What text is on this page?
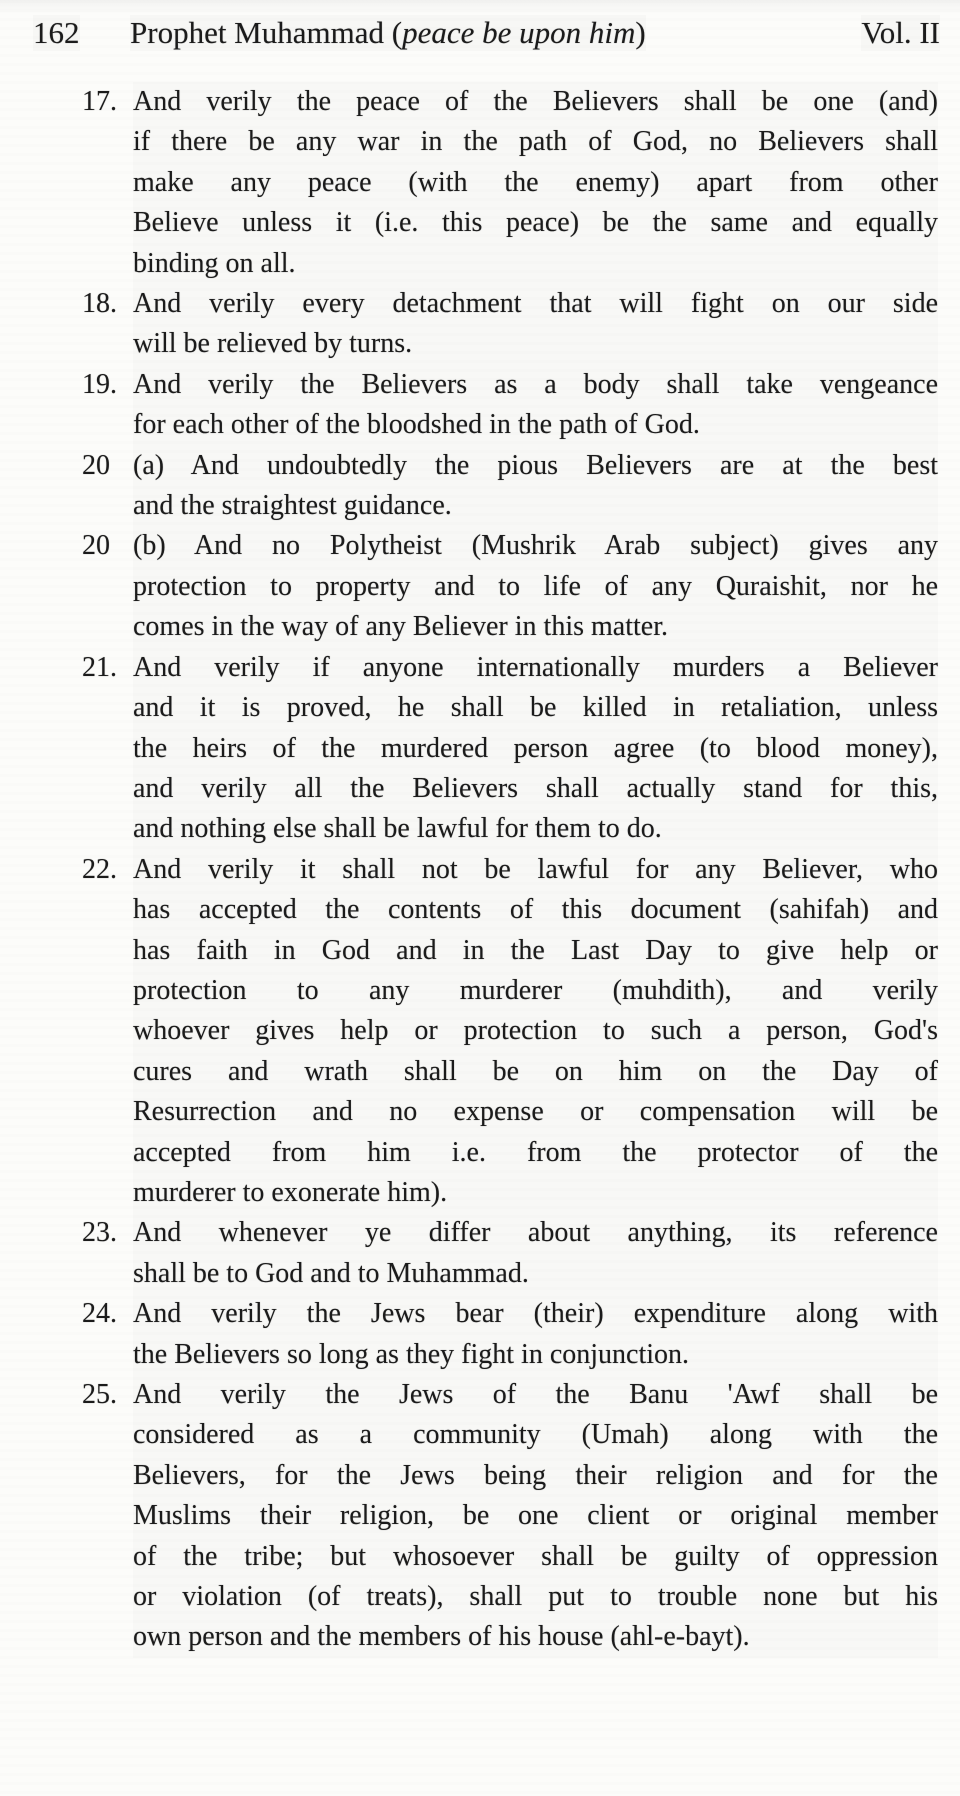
162 Prophet Muhammad (peace be upon him)	Vol. II
17. And verily the peace of the Believers shall be one (and)
if there be any war in the path of God, no Believers shall
make any peace (with the enemy) apart from other
Believe unless it (i.e. this peace) be the same and equally
binding on all.
18. And verily every detachment that will fight on our side
will be relieved by turns.
19. And verily the Believers as a body shall take vengeance
for each other of the bloodshed in the path of God.
20 (a) And undoubtedly the pious Believers are at the best
and the straightest guidance.
20 (b) And no Polytheist (Mushrik Arab subject) gives any
protection to property and to life of any Quraishit, nor he
comes in the way of any Believer in this matter.
21. And verily if anyone internationally murders a Believer
and it is proved, he shall be killed in retaliation, unless
the heirs of the murdered person agree (to blood money),
and verily all the Believers shall actually stand for this,
and nothing else shall be lawful for them to do.
22. And verily it shall not be lawful for any Believer, who
has accepted the contents of this document (sahifah) and
has faith in God and in the Last Day to give help or
protection to any murderer (muhdith), and verily
whoever gives help or protection to such a person, God's
cures and wrath shall be on him on the Day of
Resurrection and no expense or compensation will be
accepted from him i.e. from the protector of the
murderer to exonerate him).
23. And whenever ye differ about anything, its reference
shall be to God and to Muhammad.
24. And verily the Jews bear (their) expenditure along with
the Believers so long as they fight in conjunction.
25. And verily the Jews of the Banu 'Awf shall be
considered as a community (Umah) along with the
Believers, for the Jews being their religion and for the
Muslims their religion, be one client or original member
of the tribe; but whosoever shall be guilty of oppression
or violation (of treats), shall put to trouble none but his
own person and the members of his house (ahl-e-bayt).
